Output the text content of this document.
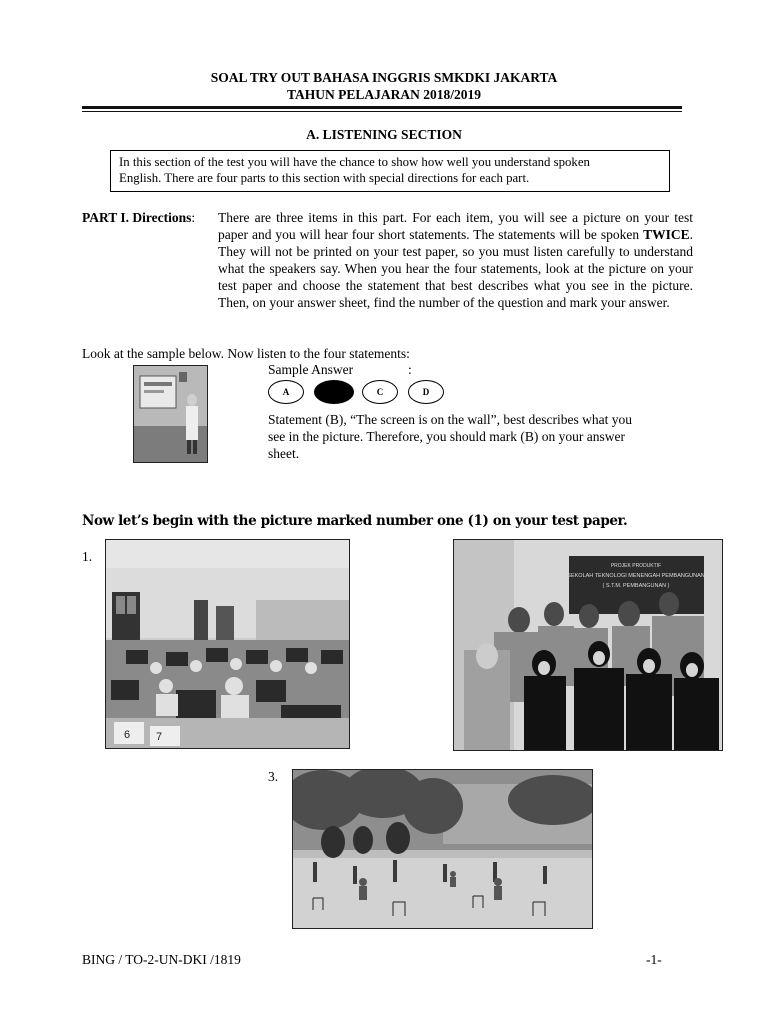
SOAL TRY OUT BAHASA INGGRIS SMKDKI JAKARTA
TAHUN PELAJARAN 2018/2019
A. LISTENING SECTION
In this section of the test you will have the chance to show how well you understand spoken
English. There are four parts to this section with special directions for each part.
PART I. Directions: There are three items in this part. For each item, you will see a picture on your test paper and you will hear four short statements. The statements will be spoken TWICE. They will not be printed on your test paper, so you must listen carefully to understand what the speakers say. When you hear the four statements, look at the picture on your test paper and choose the statement that best describes what you see in the picture. Then, on your answer sheet, find the number of the question and mark your answer.
Look at the sample below. Now listen to the four statements:
Sample Answer	:
A	B	C	D
Statement (B), “The screen is on the wall”, best describes what you
see in the picture. Therefore, you should mark (B) on your answer
sheet.
Now let’s begin with the picture marked number one (1) on your test paper.
1.
3.
6 7
PROJEK PRODUKTIF
SEKOLAH TEKNOLOGI MENENGAH PEMBANGUNAN
( S.T.M. PEMBANGUNAN )
BING / TO-2-UN-DKI /1819	-1-
